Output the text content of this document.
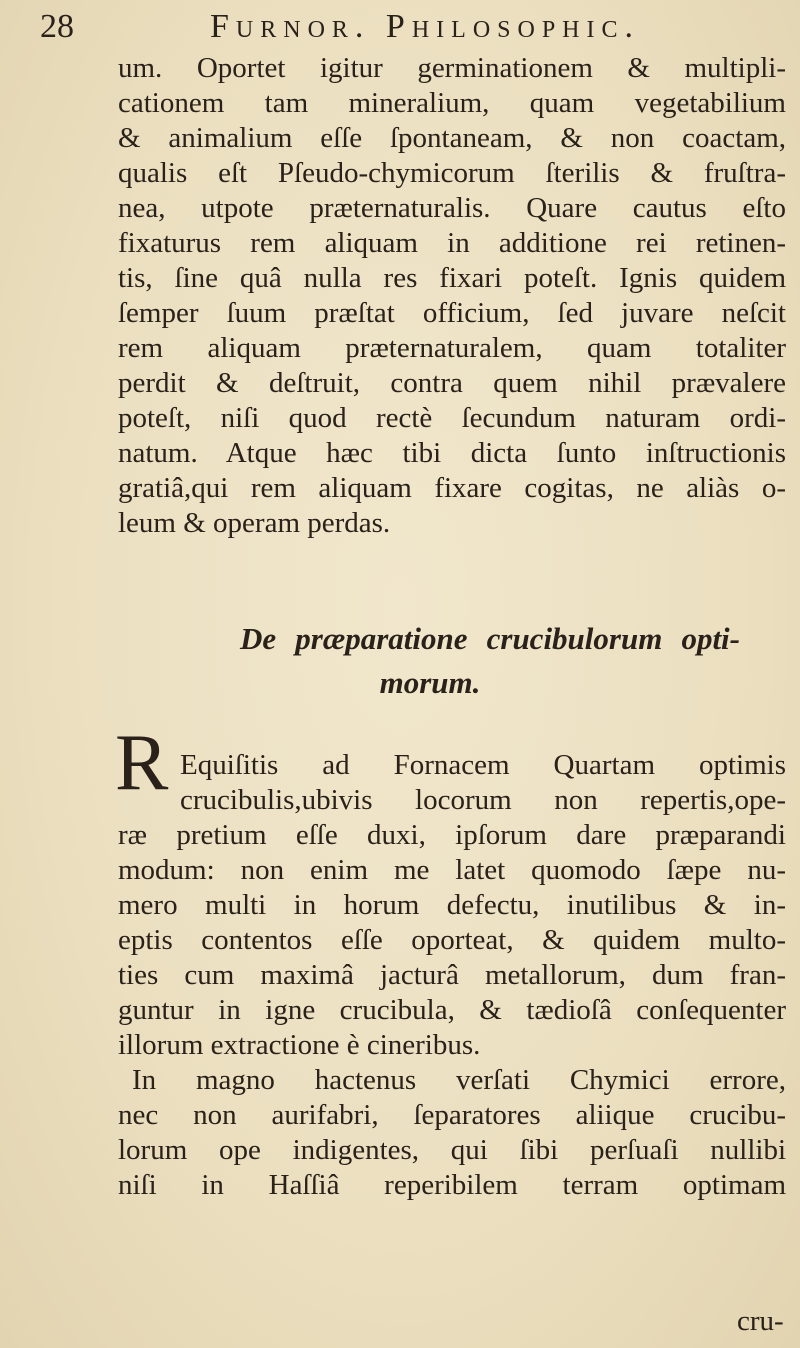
28	Furnor. Philosophic.
um. Oportet igitur germinationem & multipli-
cationem tam mineralium, quam vegetabilium
& animalium eſſe ſpontaneam, & non coactam,
qualis eſt Pſeudo-chymicorum ſterilis & fruſtra-
nea, utpote præternaturalis. Quare cautus eſto
fixaturus rem aliquam in additione rei retinen-
tis, ſine quâ nulla res fixari poteſt. Ignis quidem
ſemper ſuum præſtat officium, ſed juvare neſcit
rem aliquam præternaturalem, quam totaliter
perdit & deſtruit, contra quem nihil prævalere
poteſt, niſi quod rectè ſecundum naturam ordi-
natum. Atque hæc tibi dicta ſunto inſtructionis
gratiâ,qui rem aliquam fixare cogitas, ne aliàs o-
leum & operam perdas.
De præparatione crucibulorum opti-
morum.
R Equiſitis ad Fornacem Quartam optimis
crucibulis,ubivis locorum non repertis,ope-
ræ pretium eſſe duxi, ipſorum dare præparandi
modum: non enim me latet quomodo ſæpe nu-
mero multi in horum defectu, inutilibus & in-
eptis contentos eſſe oporteat, & quidem multo-
ties cum maximâ jacturâ metallorum, dum fran-
guntur in igne crucibula, & tædioſâ conſequenter
illorum extractione è cineribus.
In magno hactenus verſati Chymici errore,
nec non aurifabri, ſeparatores aliique crucibu-
lorum ope indigentes, qui ſibi perſuaſi nullibi
niſi in Haſſiâ reperibilem terram optimam
cru-
